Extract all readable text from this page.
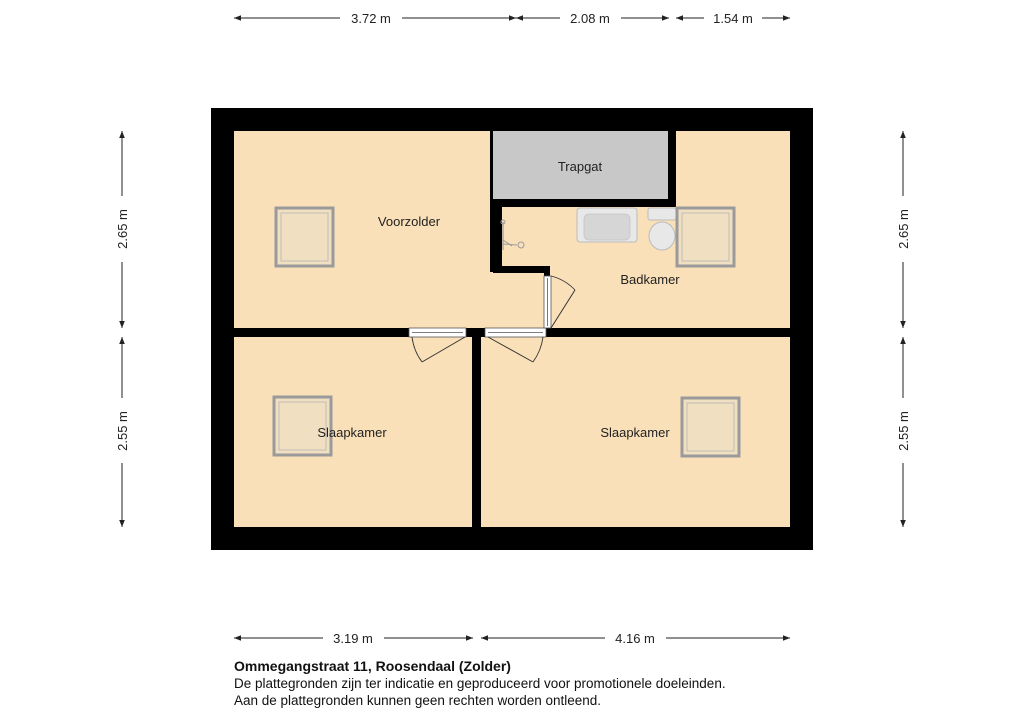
Voorzolder
Trapgat
Badkamer
Slaapkamer	Slaapkamer
3.72 m	2.08 m	1.54 m
3.19 m	4.16 m
2.65 m
2.55 m
2.65 m
2.55 m
Ommegangstraat 11, Roosendaal (Zolder)
De plattegronden zijn ter indicatie en geproduceerd voor promotionele doeleinden.
Aan de plattegronden kunnen geen rechten worden ontleend.
